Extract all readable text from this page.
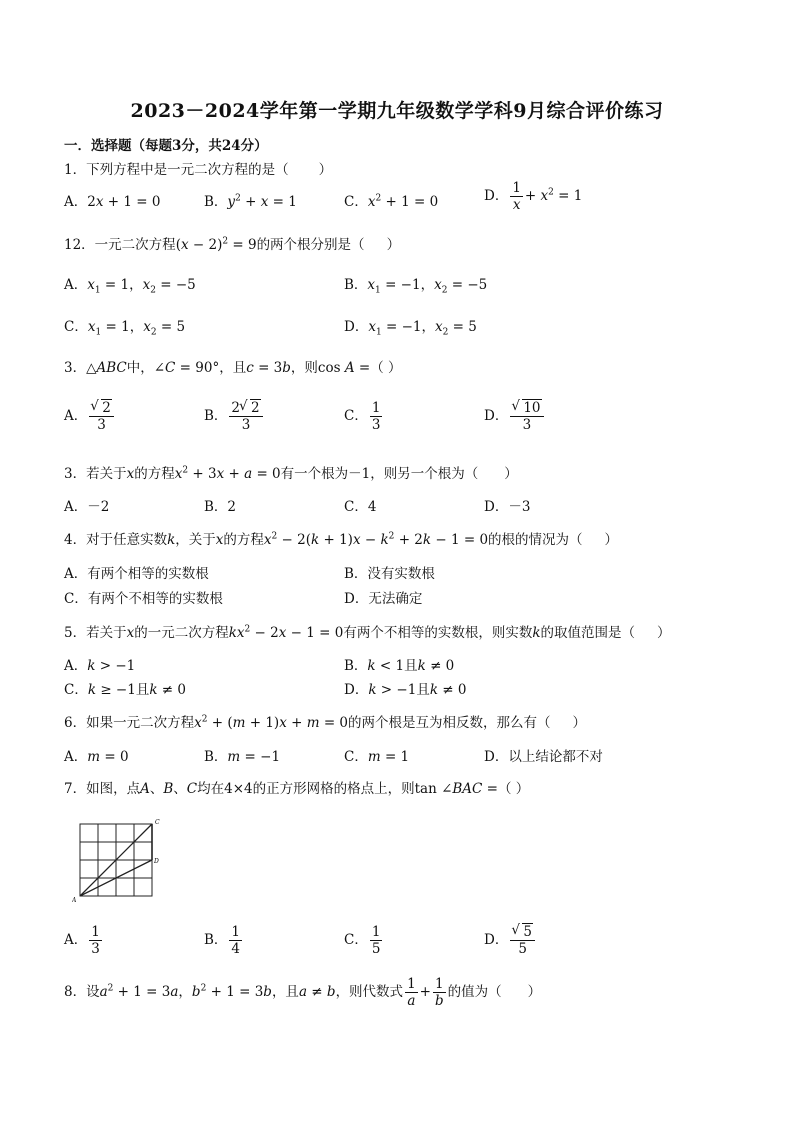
2023－2024学年第一学期九年级数学学科9月综合评价练习
一．选择题（每题3分，共24分）
1．下列方程中是一元二次方程的是（ ）
A．2x + 1 = 0	B．$y^2 + x = 1$	C．$x^2 + 1 = 0$	D． $\frac{1}{x} + x^2 = 1$
12．一元二次方程$(x - 2)^2 = 9$的两个根分别是（ ）
A．$x_1 = 1$，$x_2 = -5$	B．$x_1 = -1$，$x_2 = -5$
C．$x_1 = 1$，$x_2 = 5$	D．$x_1 = -1$，$x_2 = 5$
3．△ABC中，∠C = 90°，且c = 3b，则cos A =（ ）
A． √ $\frac{2}{3}$	B． $\frac{2 √ 2}{3}$	C． $\frac{1}{3}$	D． √ $\frac{10}{3}$
3．若关于x的方程$x^2 + 3x + a = 0$有一个根为－1，则另一个根为（ ）
A．－2	B．2	C．4	D．－3
4．对于任意实数k，关于x的方程$x^2 - 2(k + 1)x - k^2 + 2k - 1 = 0$的根的情况为（ ）
A．有两个相等的实数根	B．没有实数根
C．有两个不相等的实数根	D．无法确定
5．若关于x的一元二次方程$kx^2 - 2x - 1 = 0$有两个不相等的实数根，则实数k的取值范围是（ ）
A．k > −1	B．k < 1且k ≠ 0
C．k ≥ −1且k ≠ 0	D．k > −1且k ≠ 0
6．如果一元二次方程$x^2 + (m + 1)x + m = 0$的两个根是互为相反数，那么有（ ）
A．m = 0	B．m = −1	C．m = 1	D．以上结论都不对
7．如图，点A、B、C均在4×4的正方形网格的格点上，则tan ∠BAC =（ ）
A
C
D
A． $\frac{1}{3}$	B． $\frac{1}{4}$	C． $\frac{1}{5}$	D． √ $\frac{5}{5}$
8．设$a^2 + 1 = 3a$，$b^2 + 1 = 3b$，且a ≠ b，则代数式 $\frac{1}{a} + \frac{1}{b}$ 的值为（ ）
